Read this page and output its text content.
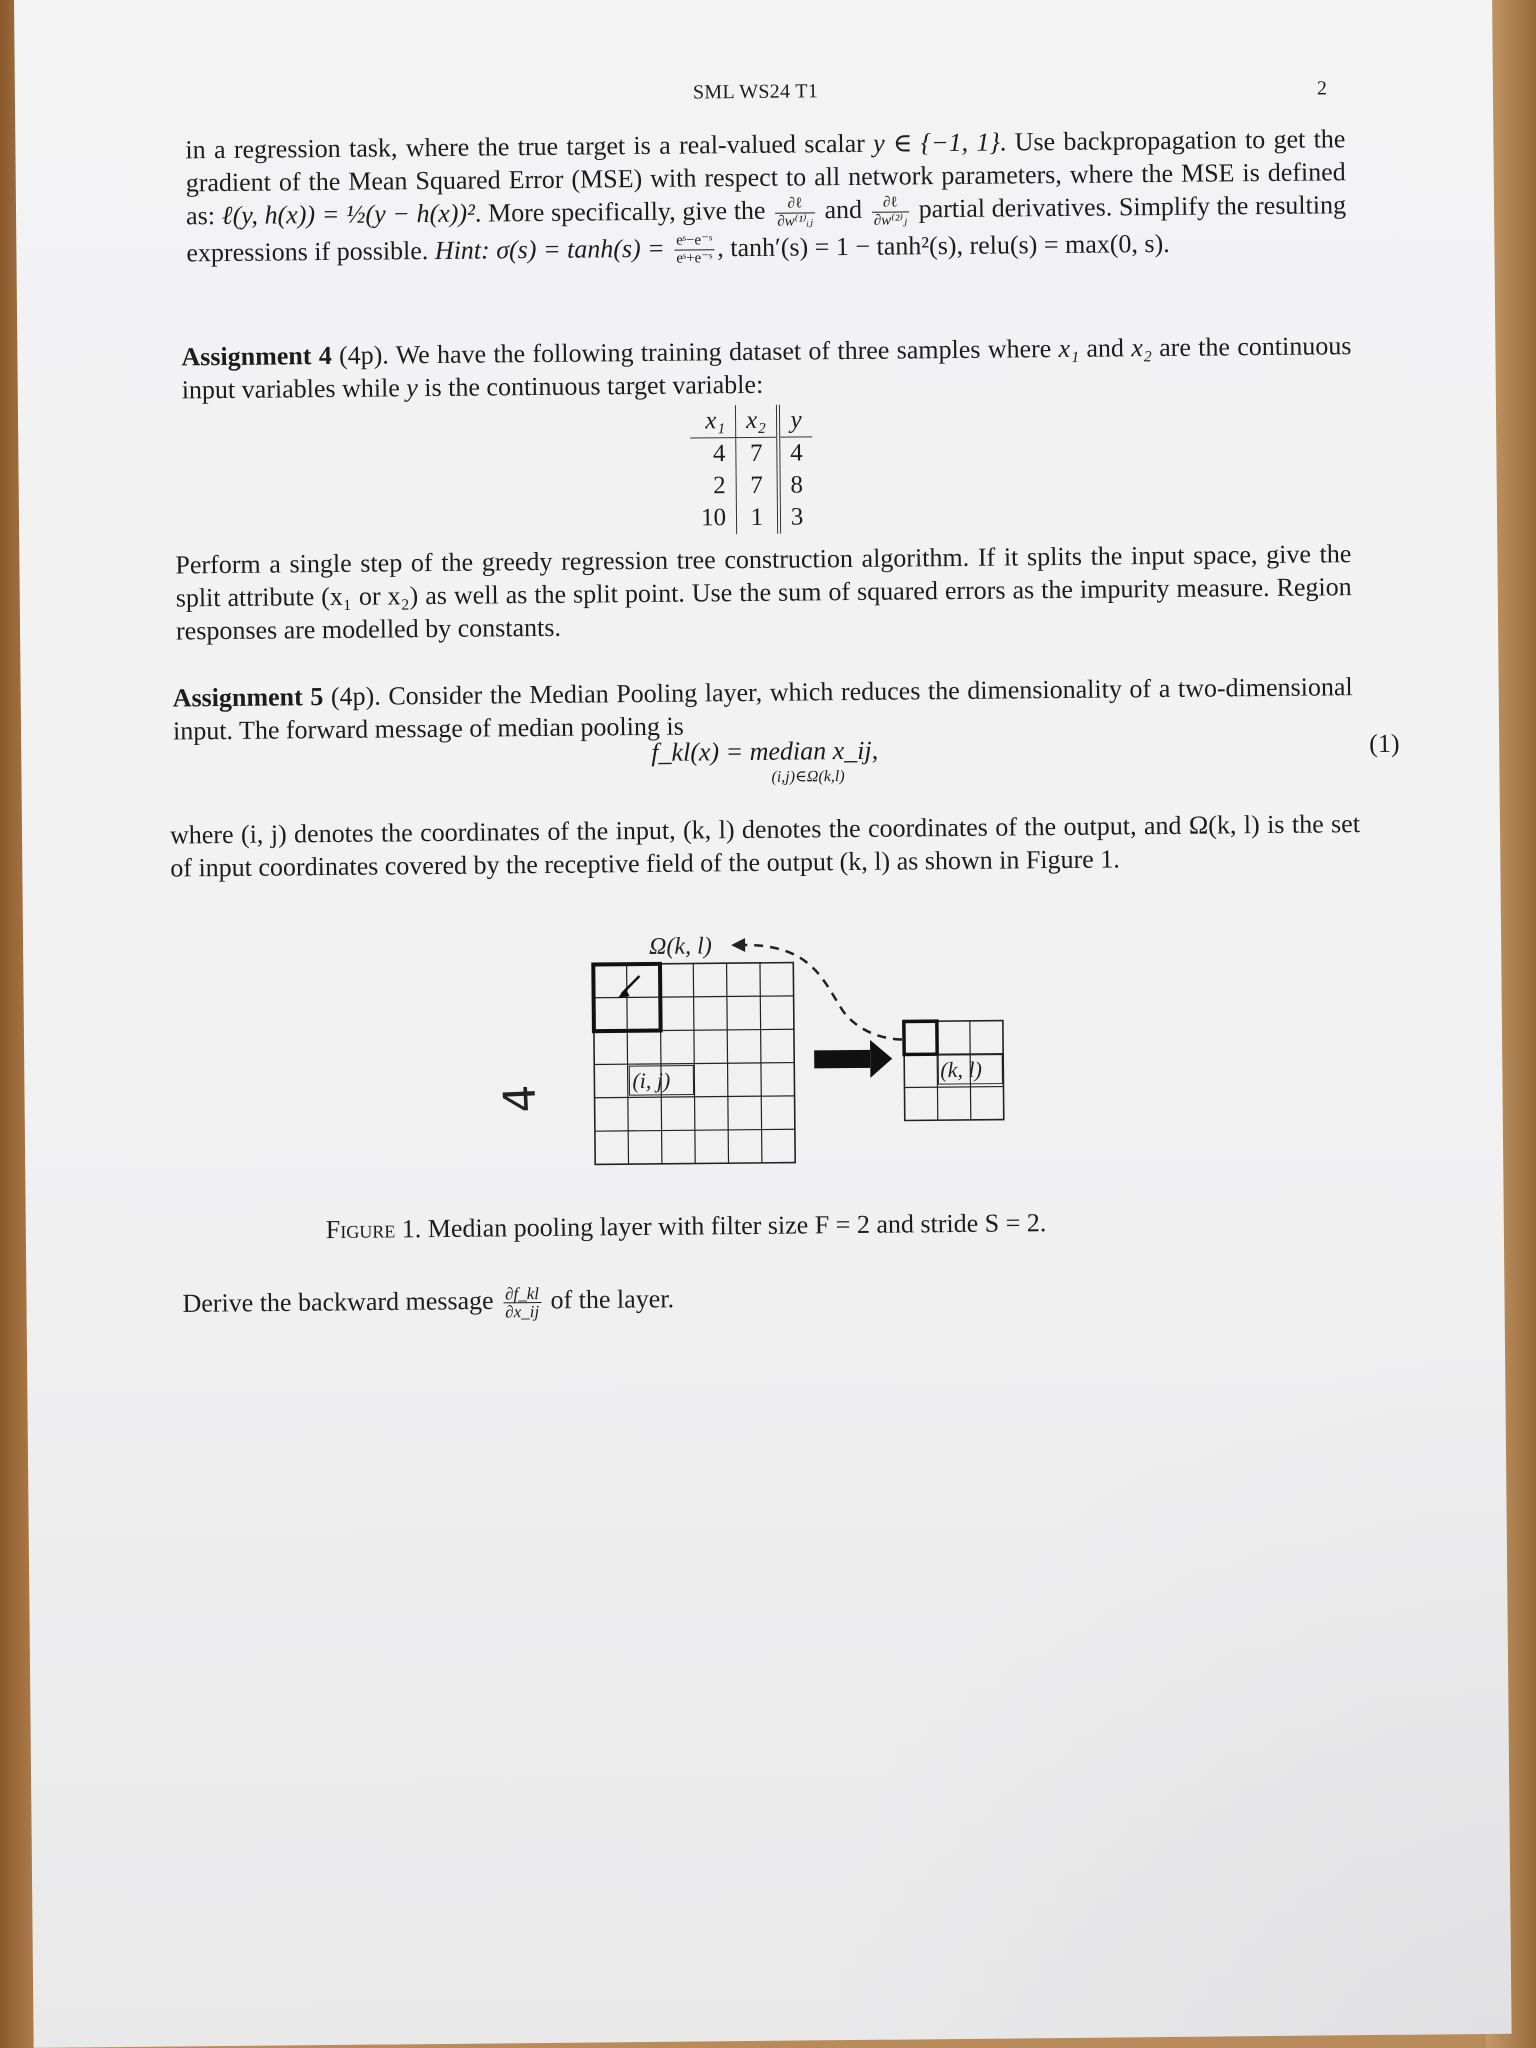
SML WS24 T1	2
in a regression task, where the true target is a real-valued scalar y ∈ {−1, 1}. Use backpropagation to get the gradient of the Mean Squared Error (MSE) with respect to all network parameters, where the MSE is defined as: ℓ(y, h(x)) = ½(y − h(x))². More specifically, give the $\frac{\text{∂ℓ}}{\text{∂w⁽¹⁾ᵢⱼ}}$ and $\frac{\text{∂ℓ}}{\text{∂w⁽²⁾ⱼ}}$ partial derivatives. Simplify the resulting expressions if possible. Hint: $\sigma(s) = \tanh(s) = \frac{\text{eˢ−e⁻ˢ}}{\text{eˢ+e⁻ˢ}}$ , tanh′(s) = 1 − tanh²(s), relu(s) = max(0, s).
Assignment 4 (4p). We have the following training dataset of three samples where x₁ and x₂ are the continuous input variables while y is the continuous target variable:
x₁	x₂	y
4	7	4
2	7	8
10	1	3
Perform a single step of the greedy regression tree construction algorithm. If it splits the input space, give the split attribute (x₁ or x₂) as well as the split point. Use the sum of squared errors as the impurity measure. Region responses are modelled by constants.
Assignment 5 (4p). Consider the Median Pooling layer, which reduces the dimensionality of a two-dimensional input. The forward message of median pooling is
f_kl(x) = median x_ij,
(i,j)∈Ω(k,l)
(1)
where (i, j) denotes the coordinates of the input, (k, l) denotes the coordinates of the output, and Ω(k, l) is the set of input coordinates covered by the receptive field of the output (k, l) as shown in Figure 1.
4
Ω(k, l)
(i, j)	(k, l)
Figure 1. Median pooling layer with filter size F = 2 and stride S = 2.
Derive the backward message $\frac{\partial f\_kl}{\partial x\_ij}$ of the layer.
